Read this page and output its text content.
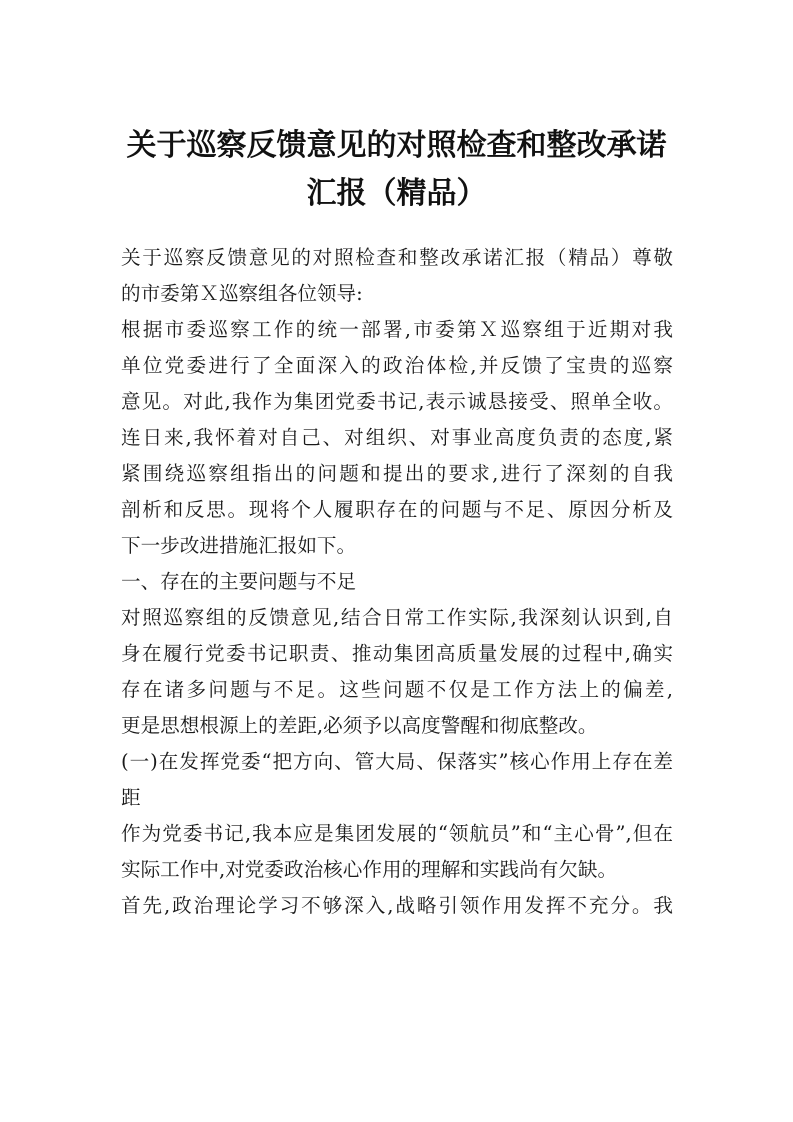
关于巡察反馈意见的对照检查和整改承诺
汇报（精品）
关于巡察反馈意见的对照检查和整改承诺汇报（精品）尊敬
的市委第Ｘ巡察组各位领导:
根据市委巡察工作的统一部署,市委第Ｘ巡察组于近期对我
单位党委进行了全面深入的政治体检,并反馈了宝贵的巡察
意见。对此,我作为集团党委书记,表示诚恳接受、照单全收。
连日来,我怀着对自己、对组织、对事业高度负责的态度,紧
紧围绕巡察组指出的问题和提出的要求,进行了深刻的自我
剖析和反思。现将个人履职存在的问题与不足、原因分析及
下一步改进措施汇报如下。
一、存在的主要问题与不足
对照巡察组的反馈意见,结合日常工作实际,我深刻认识到,自
身在履行党委书记职责、推动集团高质量发展的过程中,确实
存在诸多问题与不足。这些问题不仅是工作方法上的偏差,
更是思想根源上的差距,必须予以高度警醒和彻底整改。
(一)在发挥党委“把方向、管大局、保落实”核心作用上存在差
距
作为党委书记,我本应是集团发展的“领航员”和“主心骨”,但在
实际工作中,对党委政治核心作用的理解和实践尚有欠缺。
首先,政治理论学习不够深入,战略引领作用发挥不充分。我
